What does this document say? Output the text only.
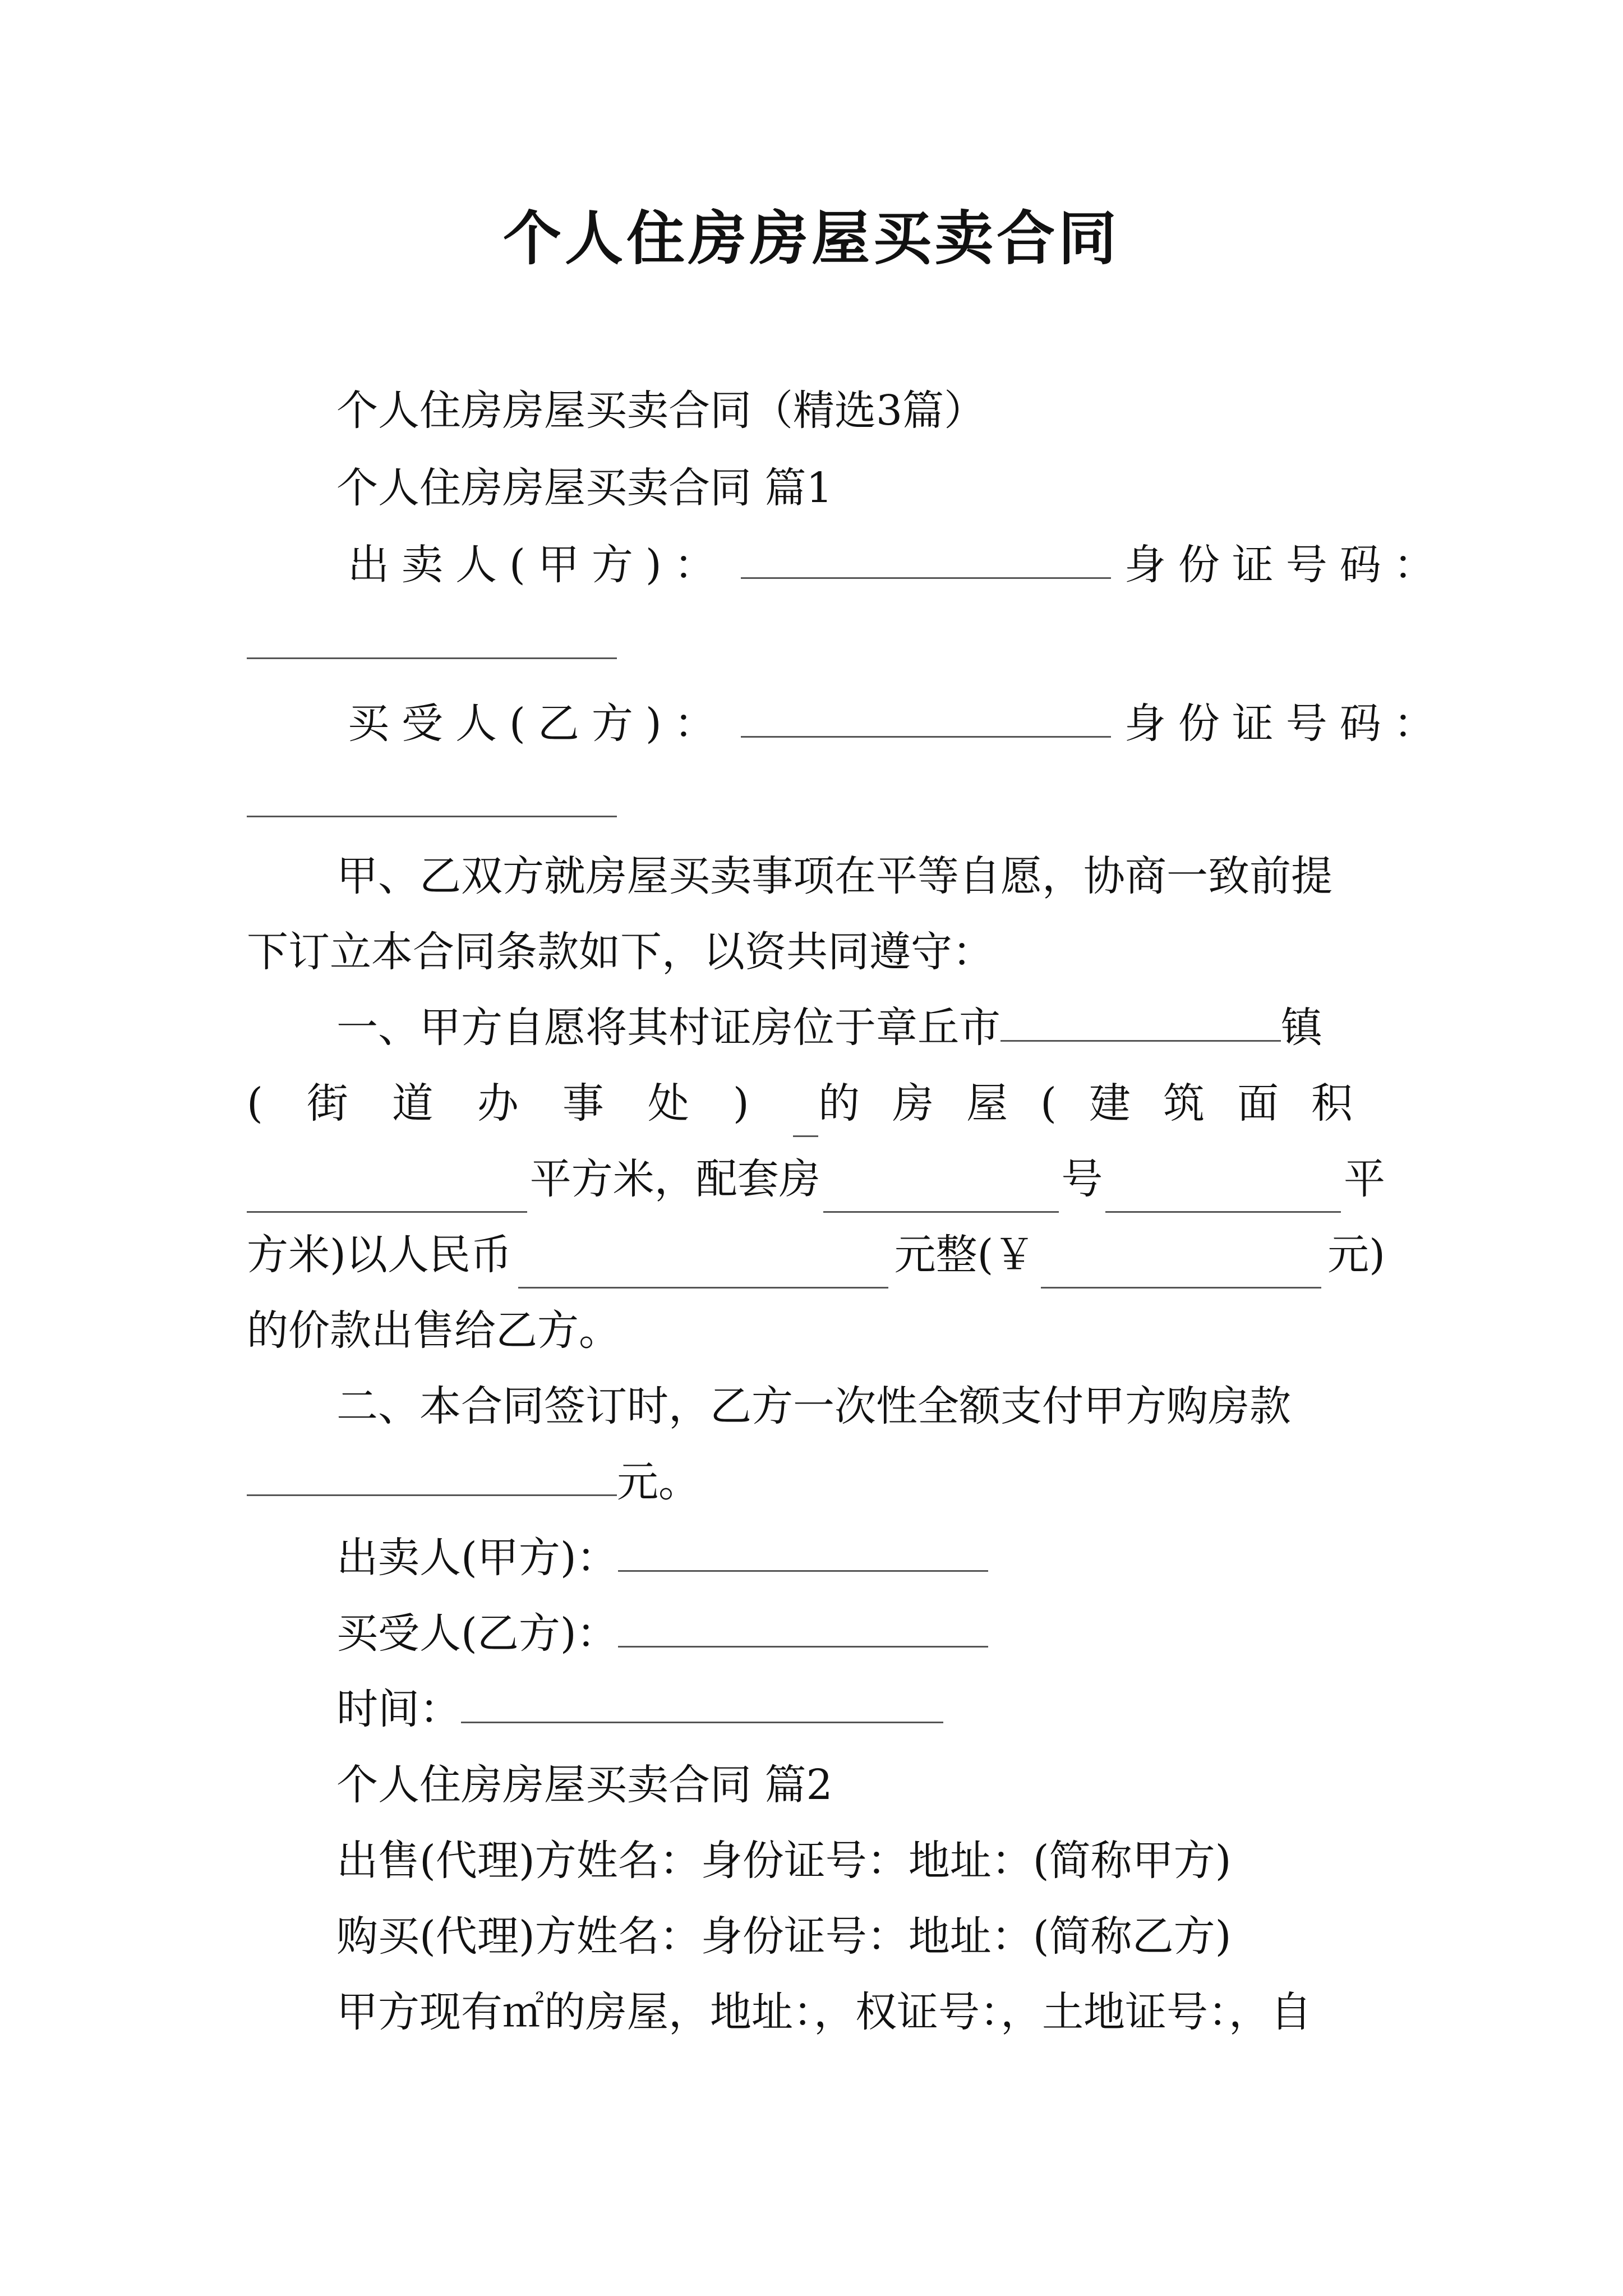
个人住房房屋买卖合同
个人住房房屋买卖合同（精选3篇）
个人住房房屋买卖合同 篇1
出卖人(甲方)：	身份证号码：
买受人(乙方)：	身份证号码：
甲、乙双方就房屋买卖事项在平等自愿，协商一致前提
下订立本合同条款如下，以资共同遵守：
一、甲方自愿将其村证房位于章丘市	镇
(街道办事处) 的房屋(建筑面积
平方米，配套房	号	平
方米)以人民币	元整(￥	元)
的价款出售给乙方。
二、本合同签订时，乙方一次性全额支付甲方购房款
元。
出卖人(甲方)：
买受人(乙方)：
时间：
个人住房房屋买卖合同 篇2
出售(代理)方姓名：身份证号：地址：(简称甲方)
购买(代理)方姓名：身份证号：地址：(简称乙方)
甲方现有㎡的房屋，地址：，权证号：，土地证号：，自
